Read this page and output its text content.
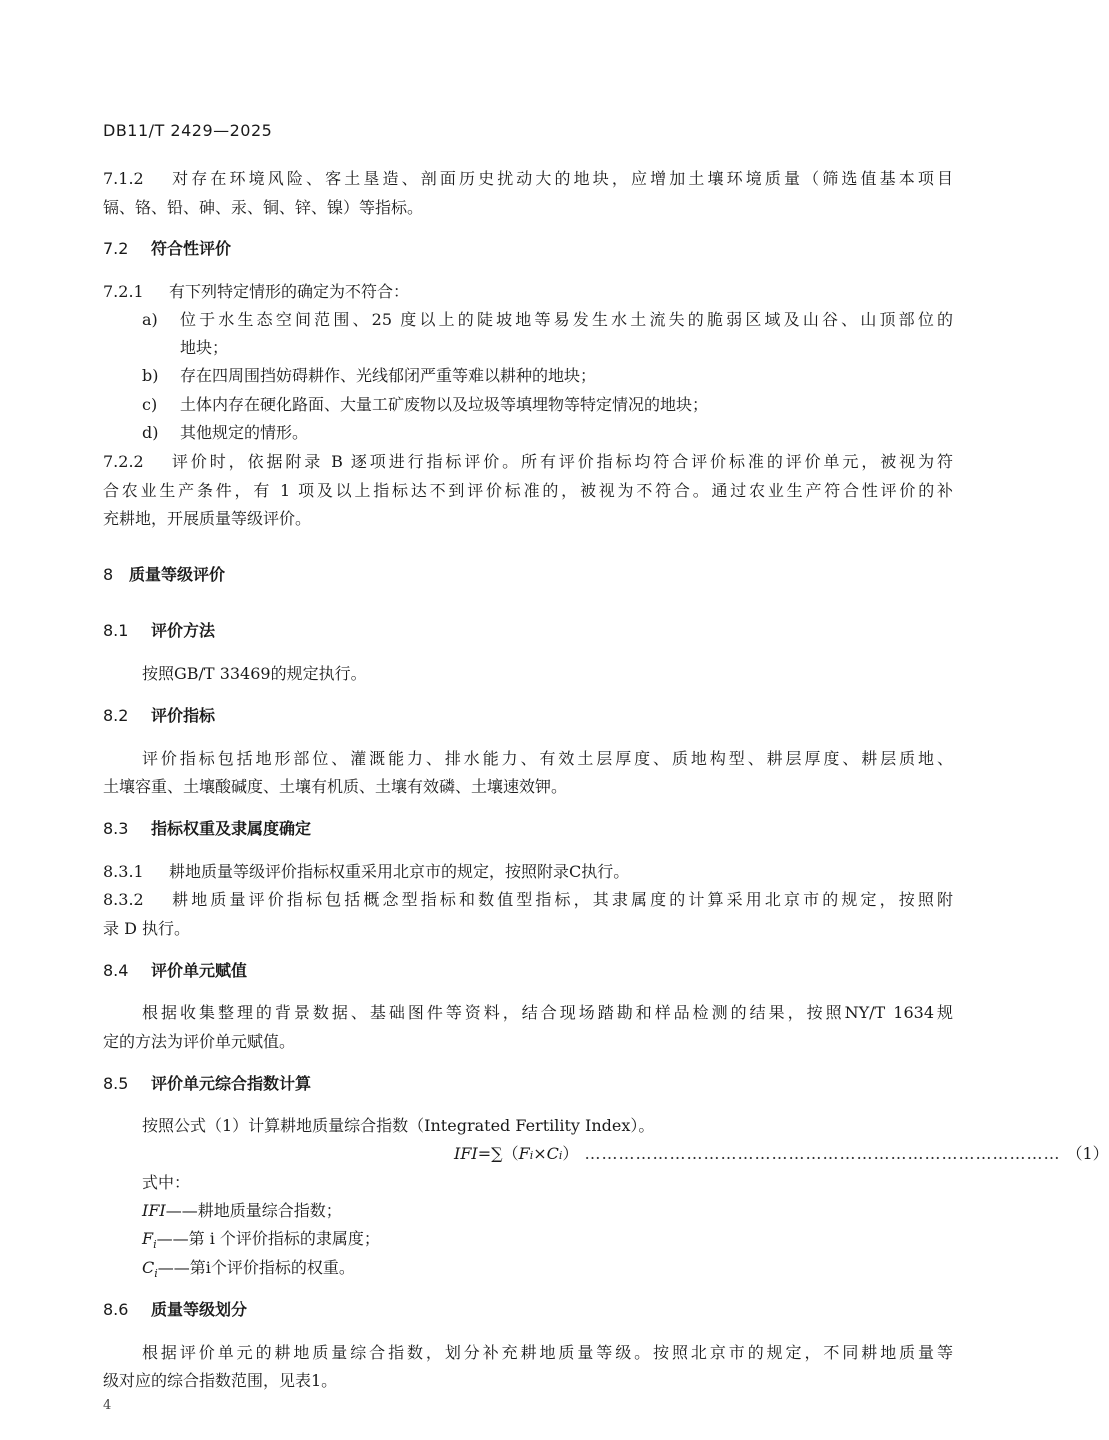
DB11/T 2429—2025
7.1.2 对存在环境风险、客土垦造、剖面历史扰动大的地块，应增加土壤环境质量（筛选值基本项目
镉、铬、铅、砷、汞、铜、锌、镍）等指标。
7.2 符合性评价
7.2.1 有下列特定情形的确定为不符合：
a) 位于水生态空间范围、25 度以上的陡坡地等易发生水土流失的脆弱区域及山谷、山顶部位的
地块；
b) 存在四周围挡妨碍耕作、光线郁闭严重等难以耕种的地块；
c) 土体内存在硬化路面、大量工矿废物以及垃圾等填埋物等特定情况的地块；
d) 其他规定的情形。
7.2.2 评价时，依据附录 B 逐项进行指标评价。所有评价指标均符合评价标准的评价单元，被视为符
合农业生产条件，有 1 项及以上指标达不到评价标准的，被视为不符合。通过农业生产符合性评价的补
充耕地，开展质量等级评价。
8 质量等级评价
8.1 评价方法
按照GB/T 33469的规定执行。
8.2 评价指标
评价指标包括地形部位、灌溉能力、排水能力、有效土层厚度、质地构型、耕层厚度、耕层质地、
土壤容重、土壤酸碱度、土壤有机质、土壤有效磷、土壤速效钾。
8.3 指标权重及隶属度确定
8.3.1 耕地质量等级评价指标权重采用北京市的规定，按照附录C执行。
8.3.2 耕地质量评价指标包括概念型指标和数值型指标，其隶属度的计算采用北京市的规定，按照附
录 D 执行。
8.4 评价单元赋值
根据收集整理的背景数据、基础图件等资料，结合现场踏勘和样品检测的结果，按照NY/T 1634规
定的方法为评价单元赋值。
8.5 评价单元综合指数计算
按照公式（1）计算耕地质量综合指数（Integrated Fertility Index）。
IFI =∑（ F i × C i ） ………………………………………………………………………… （1）
式中：
IFI——耕地质量综合指数；
$F_i——$第 i 个评价指标的隶属度；
$C_i——$第i个评价指标的权重。
8.6 质量等级划分
根据评价单元的耕地质量综合指数，划分补充耕地质量等级。按照北京市的规定，不同耕地质量等
级对应的综合指数范围，见表1。
4
